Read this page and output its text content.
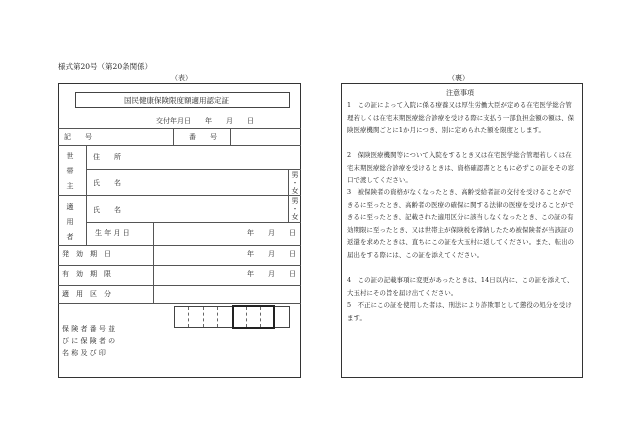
様式第20号（第20条関係）
（表）	（裏）
国民健康保険限度額適用認定証
交付年月日　　年　　月　　日
記　　号	番　　号
世
帯
主
住　　所
氏　　名
男
・
女
適
用
者
氏　　名
男
・
女
生 年 月 日	年　　月　　日
発　効　期　日	年　　月　　日
有　効　期　限	年　　月　　日
適　用　区　分
保 険 者 番 号 並
び に 保 険 者 の
名 称 及 び 印
注意事項
1　この証によって入院に係る療養又は厚生労働大臣が定める在宅医学総合管理若しくは在宅末期医療総合診療を受ける際に支払う一部負担金額の額は、保険医療機関ごとに1か月につき、別に定められた額を限度とします。
2　保険医療機関等について入院をするとき又は在宅医学総合管理若しくは在宅末期医療総合診療を受けるときは、資格確認書とともに必ずこの証をその窓口で渡してください。
3　被保険者の資格がなくなったとき、高齢受給者証の交付を受けることができるに至ったとき、高齢者の医療の確保に関する法律の医療を受けることができるに至ったとき、記載された適用区分に該当しなくなったとき、この証の有効期限に至ったとき、又は世帯主が保険税を滞納したため被保険者が当該証の返還を求めたときは、直ちにこの証を大玉村に返してください。また、転出の届出をする際には、この証を添えてください。
4　この証の記載事項に変更があったときは、14日以内に、この証を添えて、大玉村にその旨を届け出てください。
5　不正にこの証を使用した者は、刑法により詐欺罪として懲役の処分を受けます。
